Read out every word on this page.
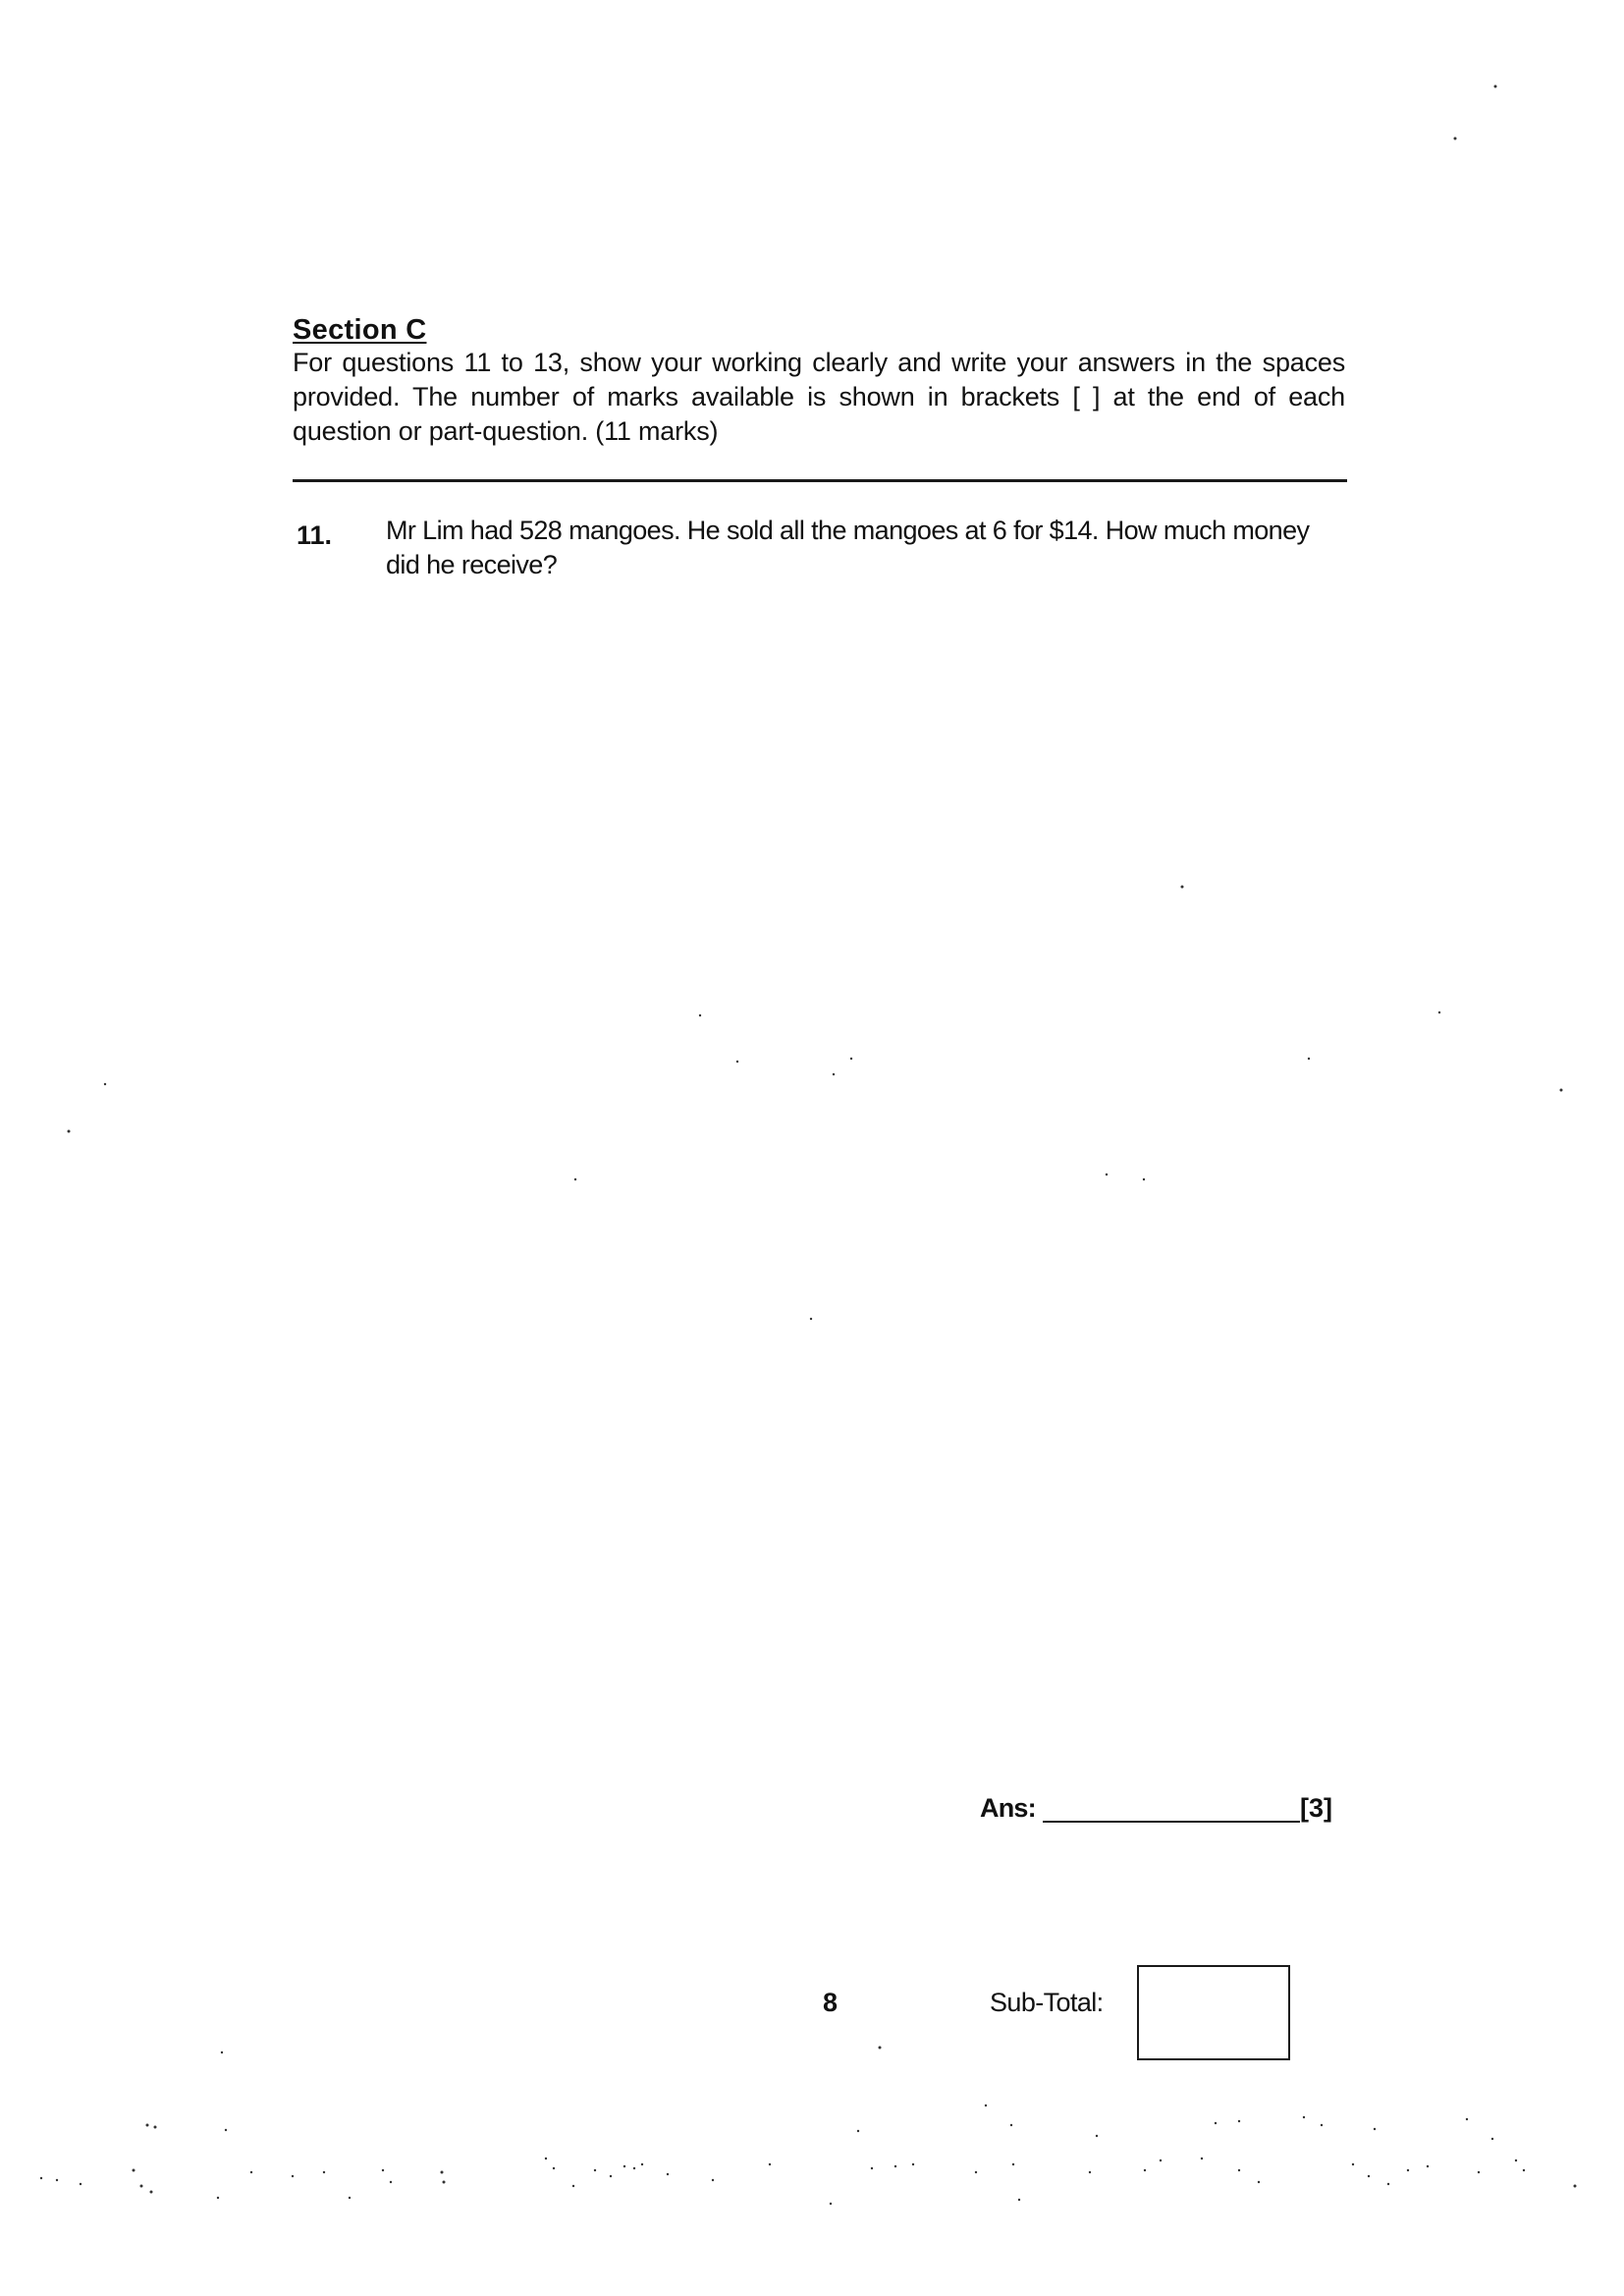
Section C
For questions 11 to 13, show your working clearly and write your answers in the spaces provided. The number of marks available is shown in brackets [ ] at the end of each question or part-question. (11 marks)
11. Mr Lim had 528 mangoes. He sold all the mangoes at 6 for $14. How much money did he receive?
Ans:	[3]
8	Sub-Total:
